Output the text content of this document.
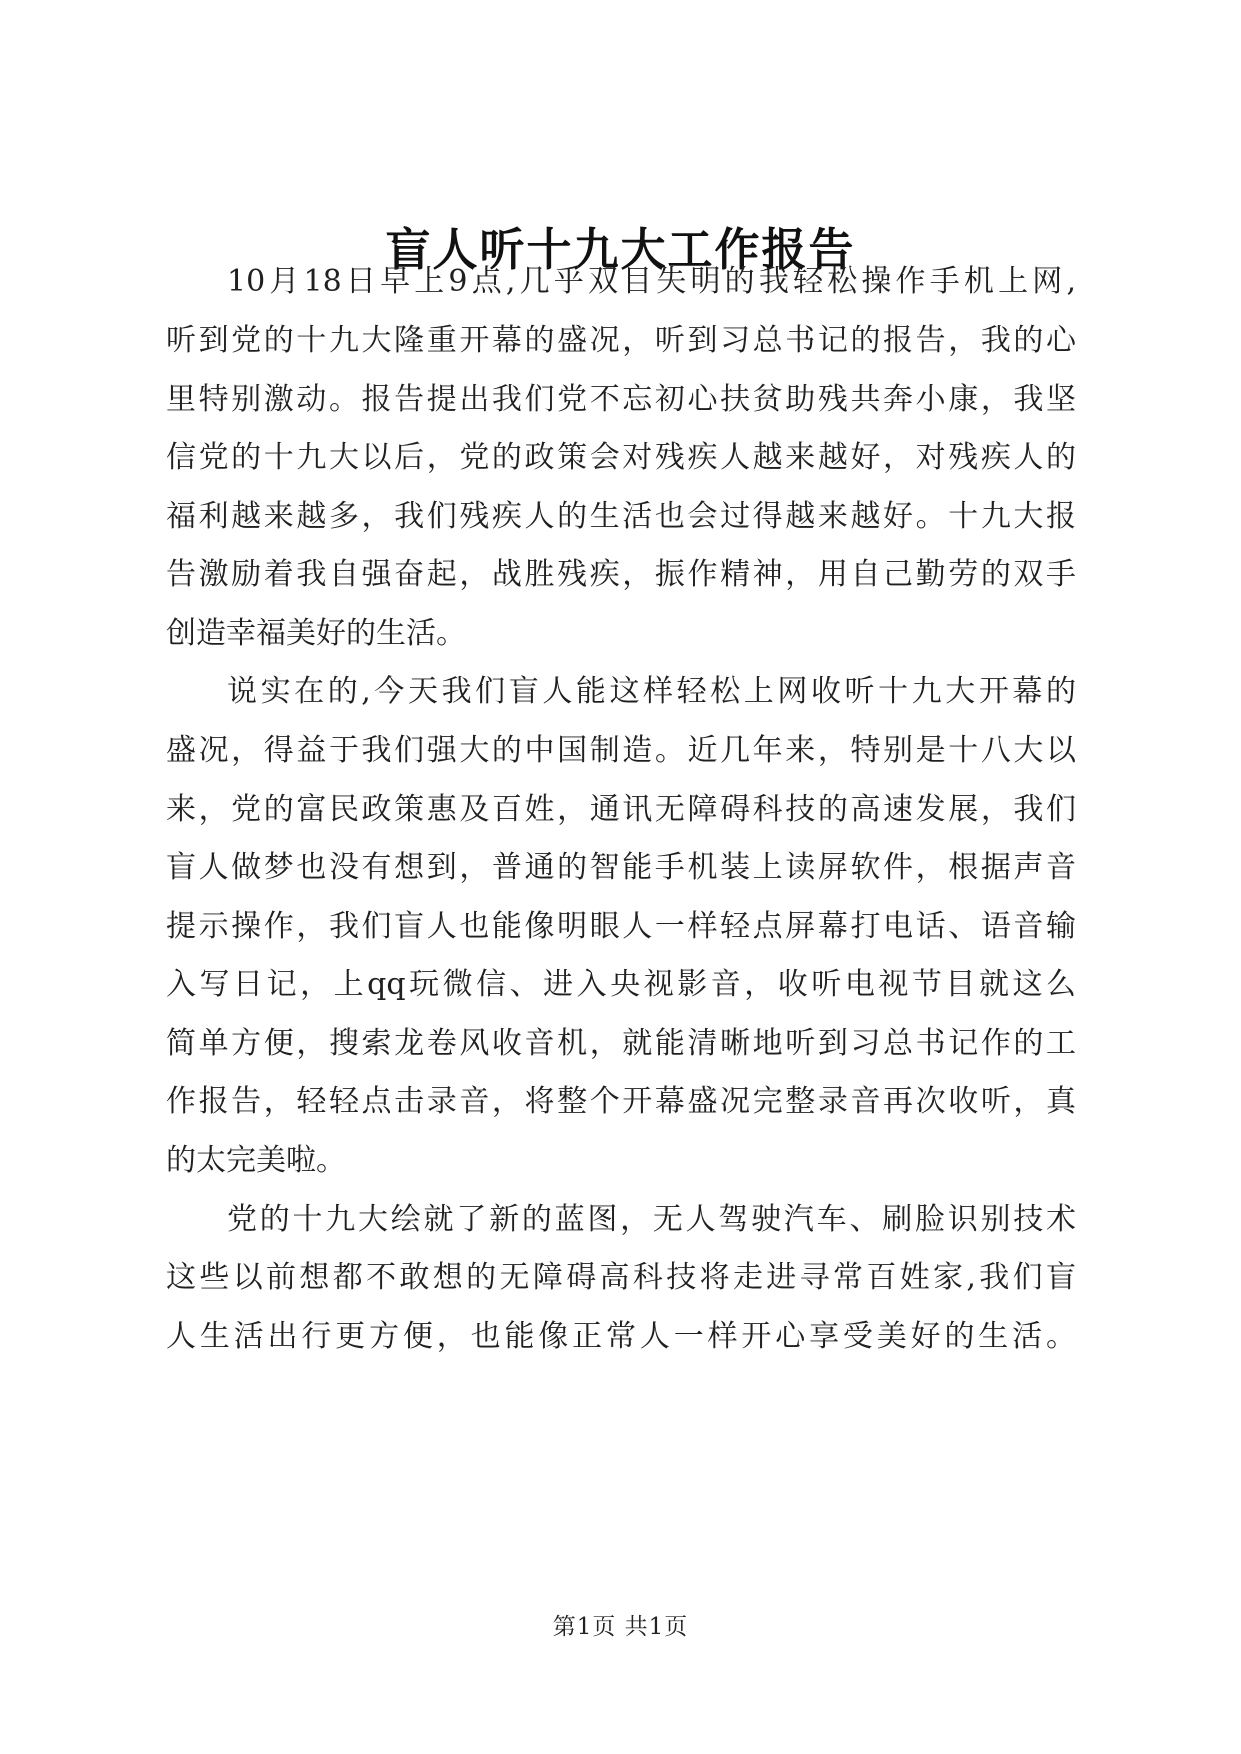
盲人听十九大工作报告
10月18日早上9点,几乎双目失明的我轻松操作手机上网,
听到党的十九大隆重开幕的盛况，听到习总书记的报告，我的心
里特别激动。报告提出我们党不忘初心扶贫助残共奔小康，我坚
信党的十九大以后，党的政策会对残疾人越来越好，对残疾人的
福利越来越多，我们残疾人的生活也会过得越来越好。十九大报
告激励着我自强奋起，战胜残疾，振作精神，用自己勤劳的双手
创造幸福美好的生活。
说实在的,今天我们盲人能这样轻松上网收听十九大开幕的
盛况，得益于我们强大的中国制造。近几年来，特别是十八大以
来，党的富民政策惠及百姓，通讯无障碍科技的高速发展，我们
盲人做梦也没有想到，普通的智能手机装上读屏软件，根据声音
提示操作，我们盲人也能像明眼人一样轻点屏幕打电话、语音输
入写日记，上qq玩微信、进入央视影音，收听电视节目就这么
简单方便，搜索龙卷风收音机，就能清晰地听到习总书记作的工
作报告，轻轻点击录音，将整个开幕盛况完整录音再次收听，真
的太完美啦。
党的十九大绘就了新的蓝图，无人驾驶汽车、刷脸识别技术
这些以前想都不敢想的无障碍高科技将走进寻常百姓家,我们盲
人生活出行更方便，也能像正常人一样开心享受美好的生活。
第1页 共1页
